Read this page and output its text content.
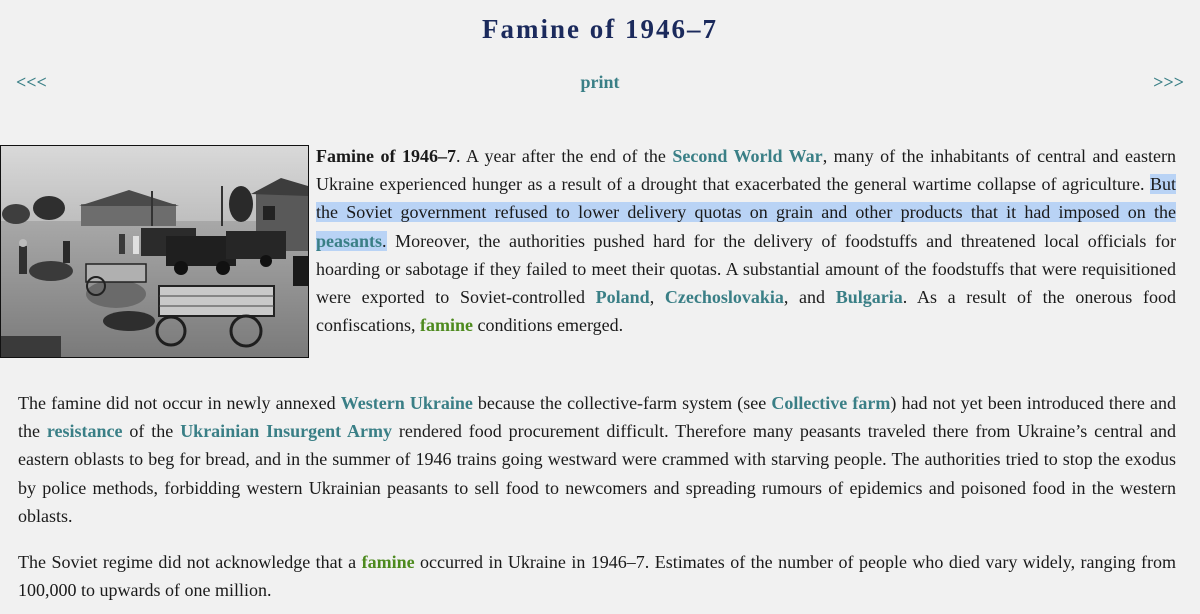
Famine of 1946–7
<<<	print	>>>

Famine of 1946–7. A year after the end of the Second World War, many of the inhabitants of central and eastern Ukraine experienced hunger as a result of a drought that exacerbated the general wartime collapse of agriculture. But the Soviet government refused to lower delivery quotas on grain and other products that it had imposed on the peasants. Moreover, the authorities pushed hard for the delivery of foodstuffs and threatened local officials for hoarding or sabotage if they failed to meet their quotas. A substantial amount of the foodstuffs that were requisitioned were exported to Soviet-controlled Poland, Czechoslovakia, and Bulgaria. As a result of the onerous food confiscations, famine conditions emerged.

The famine did not occur in newly annexed Western Ukraine because the collective-farm system (see Collective farm) had not yet been introduced there and the resistance of the Ukrainian Insurgent Army rendered food procurement difficult. Therefore many peasants traveled there from Ukraine’s central and eastern oblasts to beg for bread, and in the summer of 1946 trains going westward were crammed with starving people. The authorities tried to stop the exodus by police methods, forbidding western Ukrainian peasants to sell food to newcomers and spreading rumours of epidemics and poisoned food in the western oblasts.

The Soviet regime did not acknowledge that a famine occurred in Ukraine in 1946–7. Estimates of the number of people who died vary widely, ranging from 100,000 to upwards of one million.
